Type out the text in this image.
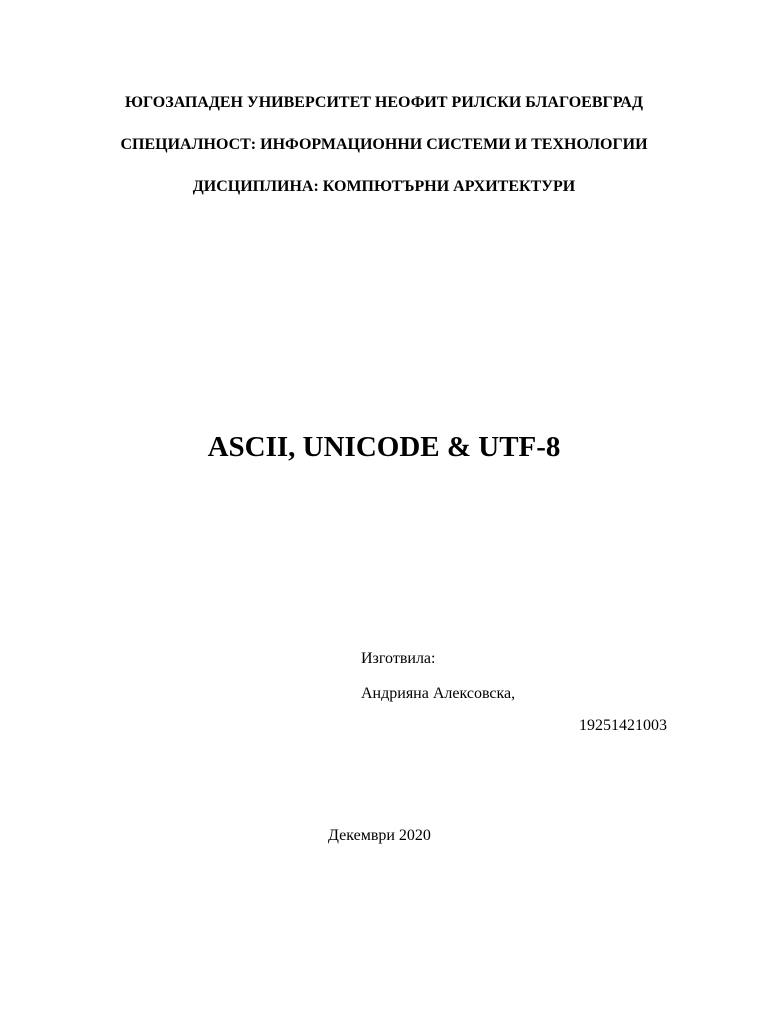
ЮГОЗАПАДЕН УНИВЕРСИТЕТ НЕОФИТ РИЛСКИ БЛАГОЕВГРАД
СПЕЦИАЛНОСТ: ИНФОРМАЦИОННИ СИСТЕМИ И ТЕХНОЛОГИИ
ДИСЦИПЛИНА: КОМПЮТЪРНИ АРХИТЕКТУРИ
ASCII, UNICODE & UTF-8
Изготвила:
Андрияна Алексовска,
19251421003
Декември 2020
